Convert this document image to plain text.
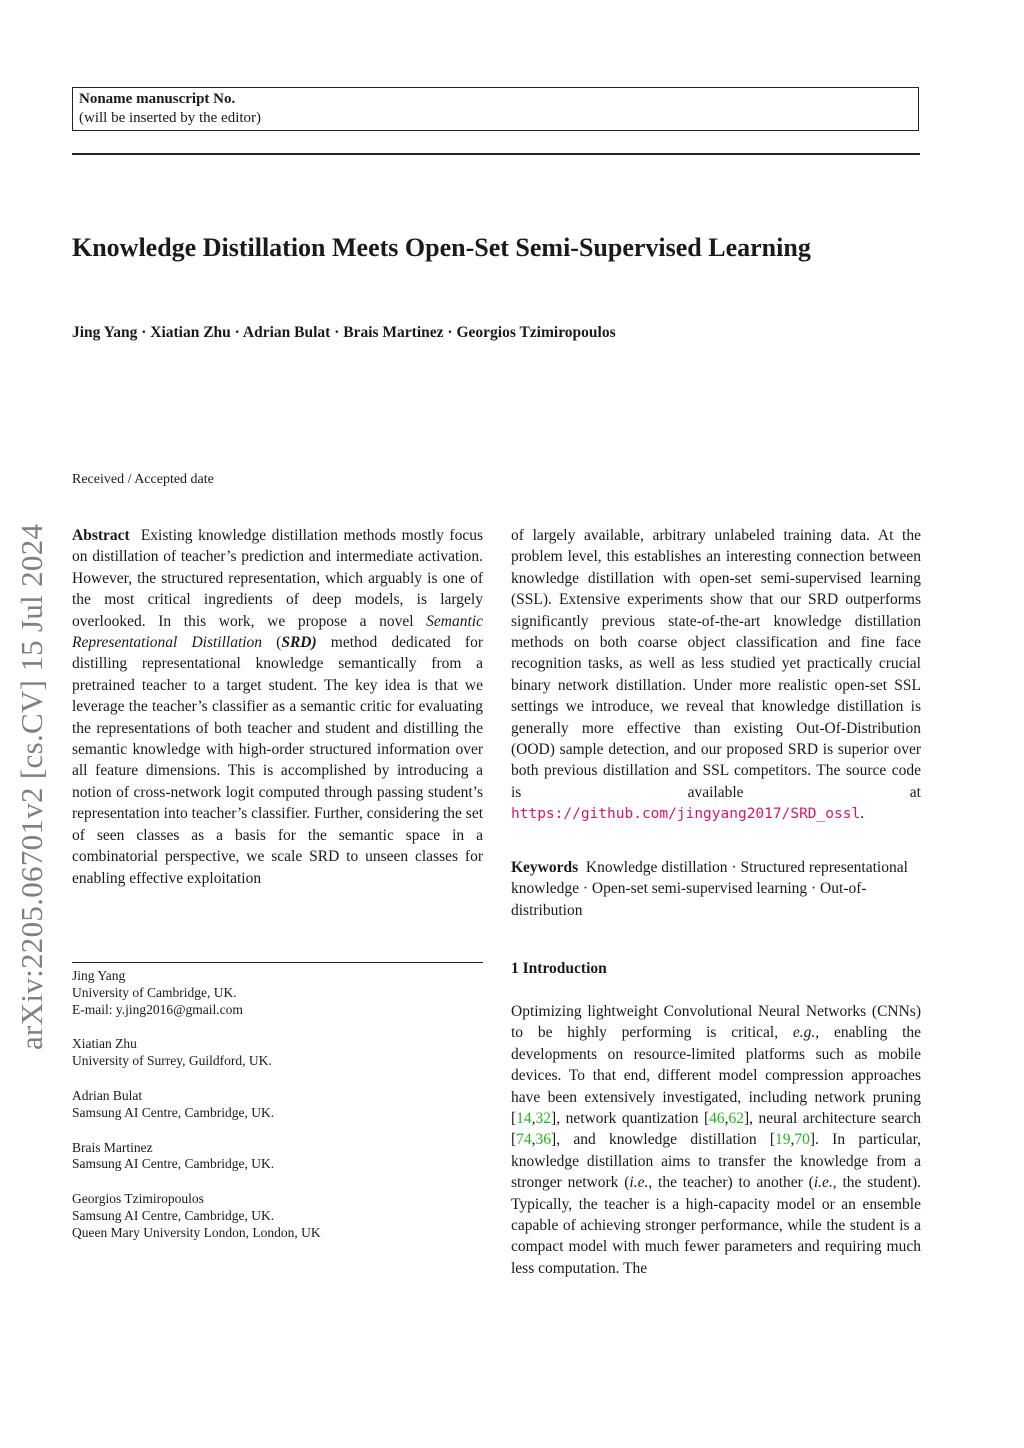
Noname manuscript No.
(will be inserted by the editor)
Knowledge Distillation Meets Open-Set Semi-Supervised Learning
Jing Yang · Xiatian Zhu · Adrian Bulat · Brais Martinez · Georgios Tzimiropoulos
Received / Accepted date
arXiv:2205.06701v2 [cs.CV] 15 Jul 2024 Abstract Existing knowledge distillation methods mostly focus on distillation of teacher’s prediction and intermediate activation. However, the structured representation, which arguably is one of the most critical ingredients of deep models, is largely overlooked. In this work, we propose a novel Semantic Representational Distillation (SRD) method dedicated for distilling representational knowledge semantically from a pretrained teacher to a target student. The key idea is that we leverage the teacher’s classifier as a semantic critic for evaluating the representations of both teacher and student and distilling the semantic knowledge with high-order structured information over all feature dimensions. This is accomplished by introducing a notion of cross-network logit computed through passing student’s representation into teacher’s classifier. Further, considering the set of seen classes as a basis for the semantic space in a combinatorial perspective, we scale SRD to unseen classes for enabling effective exploitation
of largely available, arbitrary unlabeled training data. At the problem level, this establishes an interesting connection between knowledge distillation with open-set semi-supervised learning (SSL). Extensive experiments show that our SRD outperforms significantly previous state-of-the-art knowledge distillation methods on both coarse object classification and fine face recognition tasks, as well as less studied yet practically crucial binary network distillation. Under more realistic open-set SSL settings we introduce, we reveal that knowledge distillation is generally more effective than existing Out-Of-Distribution (OOD) sample detection, and our proposed SRD is superior over both previous distillation and SSL competitors. The source code is available at https://github.com/jingyang2017/SRD_ossl.
Keywords Knowledge distillation · Structured representational knowledge · Open-set semi-supervised learning · Out-of-distribution
1 Introduction
Optimizing lightweight Convolutional Neural Networks (CNNs) to be highly performing is critical, e.g., enabling the developments on resource-limited platforms such as mobile devices. To that end, different model compression approaches have been extensively investigated, including network pruning [14,32], network quantization [46,62], neural architecture search [74,36], and knowledge distillation [19,70]. In particular, knowledge distillation aims to transfer the knowledge from a stronger network (i.e., the teacher) to another (i.e., the student). Typically, the teacher is a high-capacity model or an ensemble capable of achieving stronger performance, while the student is a compact model with much fewer parameters and requiring much less computation. The
Jing Yang
University of Cambridge, UK.
E-mail: y.jing2016@gmail.com
Xiatian Zhu
University of Surrey, Guildford, UK.
Adrian Bulat
Samsung AI Centre, Cambridge, UK.
Brais Martinez
Samsung AI Centre, Cambridge, UK.
Georgios Tzimiropoulos
Samsung AI Centre, Cambridge, UK.
Queen Mary University London, London, UK
